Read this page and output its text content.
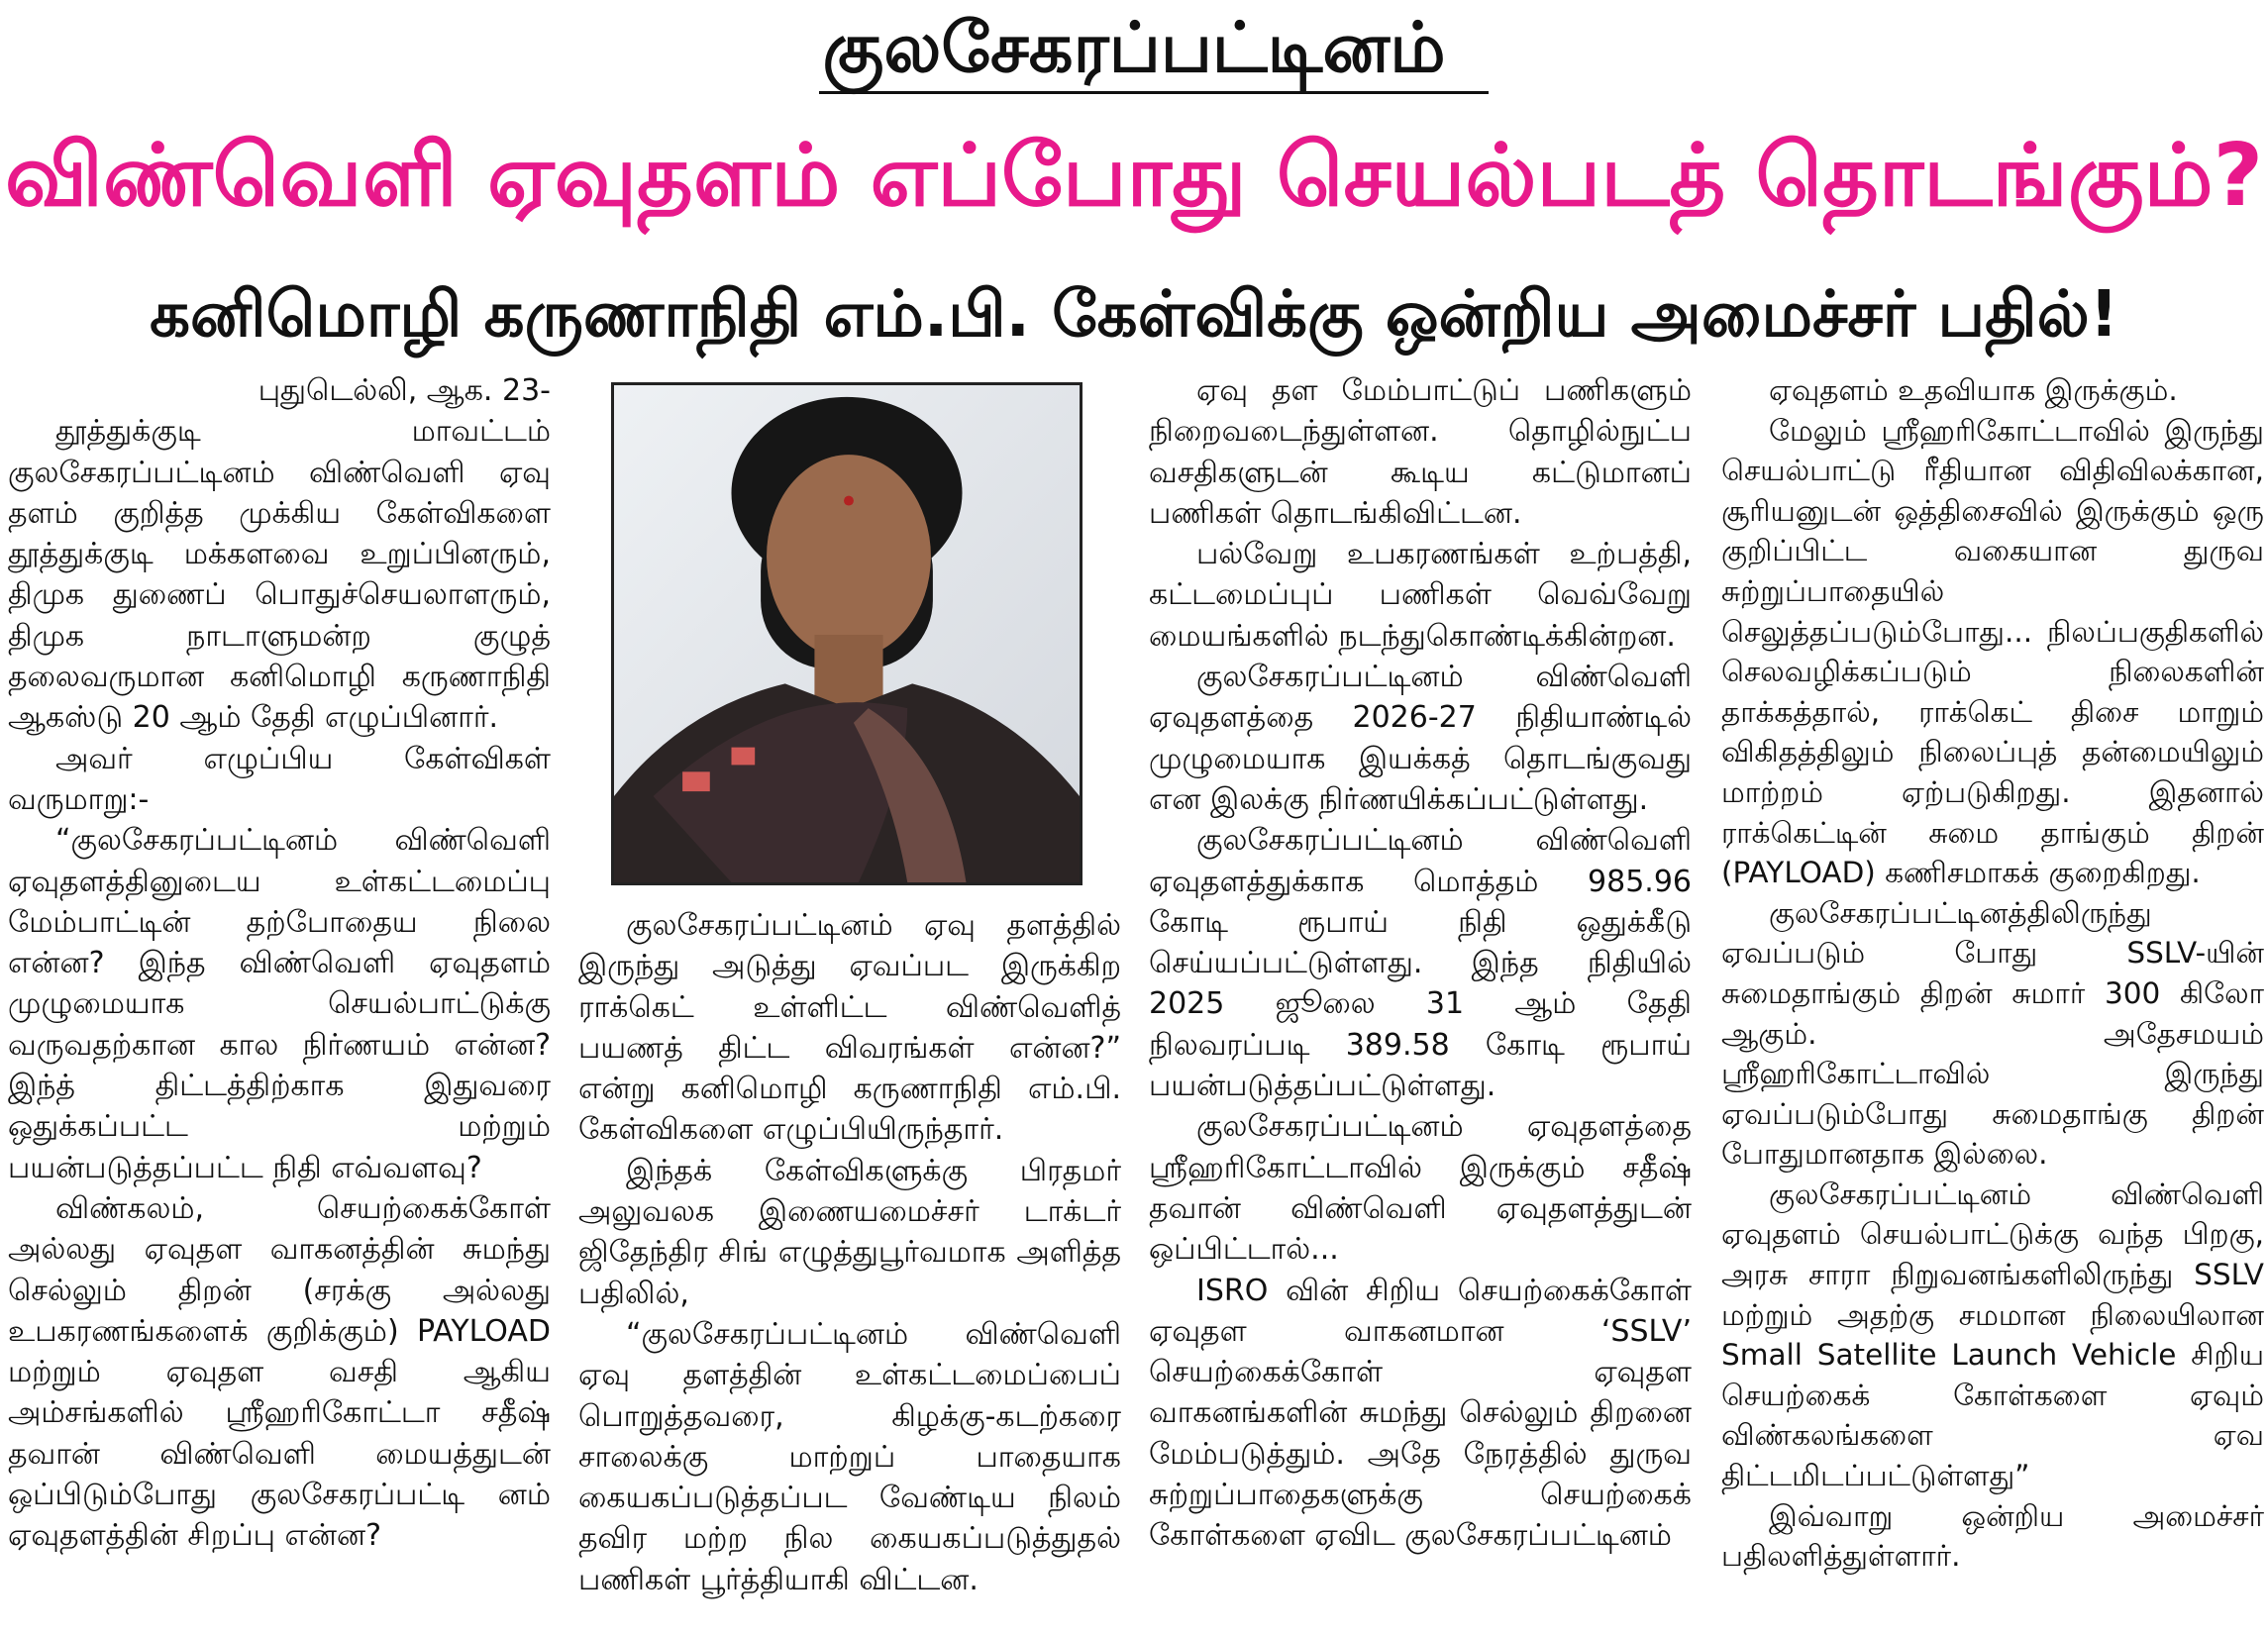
குலசேகரப்பட்டினம்
விண்வெளி ஏவுதளம் எப்போது செயல்படத் தொடங்கும்?
கனிமொழி கருணாநிதி எம்.பி. கேள்விக்கு ஒன்றிய அமைச்சர் பதில்!

புதுடெல்லி, ஆக. 23-

தூத்துக்குடி மாவட்டம் குலசேகரப்பட்டினம் விண்வெளி ஏவு தளம் குறித்த முக்கிய கேள்விகளை தூத்துக்குடி மக்களவை உறுப்பினரும், திமுக துணைப் பொதுச்செயலாளரும், திமுக நாடாளுமன்ற குழுத் தலைவருமான கனிமொழி கருணாநிதி ஆகஸ்டு 20 ஆம் தேதி எழுப்பினார்.

அவர் எழுப்பிய கேள்விகள் வருமாறு:-

“குலசேகரப்பட்டினம் விண்வெளி ஏவுதளத்தினுடைய உள்கட்டமைப்பு மேம்பாட்டின் தற்போதைய நிலை என்ன? இந்த விண்வெளி ஏவுதளம் முழுமையாக செயல்பாட்டுக்கு வருவதற்கான கால நிர்ணயம் என்ன? இந்த் திட்டத்திற்காக இதுவரை ஒதுக்கப்பட்ட மற்றும் பயன்படுத்தப்பட்ட நிதி எவ்வளவு?

விண்கலம், செயற்கைக்கோள் அல்லது ஏவுதள வாகனத்தின் சுமந்து செல்லும் திறன் (சரக்கு அல்லது உபகரணங்களைக் குறிக்கும்) PAYLOAD மற்றும் ஏவுதள வசதி ஆகிய அம்சங்களில் ஸ்ரீஹரிகோட்டா சதீஷ் தவான் விண்வெளி மையத்துடன் ஒப்பிடும்போது குலசேகரப்பட்டி னம் ஏவுதளத்தின் சிறப்பு என்ன?

குலசேகரப்பட்டினம் ஏவு தளத்தில் இருந்து அடுத்து ஏவப்பட இருக்கிற ராக்கெட் உள்ளிட்ட விண்வெளித் பயணத் திட்ட விவரங்கள் என்ன?” என்று கனிமொழி கருணாநிதி எம்.பி. கேள்விகளை எழுப்பியிருந்தார்.

இந்தக் கேள்விகளுக்கு பிரதமர் அலுவலக இணையமைச்சர் டாக்டர் ஜிதேந்திர சிங் எழுத்துபூர்வமாக அளித்த பதிலில்,

“குலசேகரப்பட்டினம் விண்வெளி ஏவு தளத்தின் உள்கட்டமைப்பைப் பொறுத்தவரை, கிழக்கு-கடற்கரை சாலைக்கு மாற்றுப் பாதையாக கையகப்படுத்தப்பட வேண்டிய நிலம் தவிர மற்ற நில கையகப்படுத்துதல் பணிகள் பூர்த்தியாகி விட்டன.

ஏவு தள மேம்பாட்டுப் பணிகளும் நிறைவடைந்துள்ளன. தொழில்நுட்ப வசதிகளுடன் கூடிய கட்டுமானப் பணிகள் தொடங்கிவிட்டன.

பல்வேறு உபகரணங்கள் உற்பத்தி, கட்டமைப்புப் பணிகள் வெவ்வேறு மையங்களில் நடந்துகொண்டிக்கின்றன.

குலசேகரப்பட்டினம் விண்வெளி ஏவுதளத்தை 2026-27 நிதியாண்டில் முழுமையாக இயக்கத் தொடங்குவது என இலக்கு நிர்ணயிக்கப்பட்டுள்ளது.

குலசேகரப்பட்டினம் விண்வெளி ஏவுதளத்துக்காக மொத்தம் 985.96 கோடி ரூபாய் நிதி ஒதுக்கீடு செய்யப்பட்டுள்ளது. இந்த நிதியில் 2025 ஜூலை 31 ஆம் தேதி நிலவரப்படி 389.58 கோடி ரூபாய் பயன்படுத்தப்பட்டுள்ளது.

குலசேகரப்பட்டினம் ஏவுதளத்தை ஸ்ரீஹரிகோட்டாவில் இருக்கும் சதீஷ் தவான் விண்வெளி ஏவுதளத்துடன் ஒப்பிட்டால்...

ISRO வின் சிறிய செயற்கைக்கோள் ஏவுதள வாகனமான ‘SSLV’ செயற்கைக்கோள் ஏவுதள வாகனங்களின் சுமந்து செல்லும் திறனை மேம்படுத்தும். அதே நேரத்தில் துருவ சுற்றுப்பாதைகளுக்கு செயற்கைக் கோள்களை ஏவிட குலசேகரப்பட்டினம்

ஏவுதளம் உதவியாக இருக்கும்.

மேலும் ஸ்ரீஹரிகோட்டாவில் இருந்து செயல்பாட்டு ரீதியான விதிவிலக்கான, சூரியனுடன் ஒத்திசைவில் இருக்கும் ஒரு குறிப்பிட்ட வகையான துருவ சுற்றுப்பாதையில் செலுத்தப்படும்போது... நிலப்பகுதிகளில் செலவழிக்கப்படும் நிலைகளின் தாக்கத்தால், ராக்கெட் திசை மாறும் விகிதத்திலும் நிலைப்புத் தன்மையிலும் மாற்றம் ஏற்படுகிறது. இதனால் ராக்கெட்டின் சுமை தாங்கும் திறன் (PAYLOAD) கணிசமாகக் குறைகிறது.

குலசேகரப்பட்டினத்திலிருந்து ஏவப்படும் போது SSLV-யின் சுமைதாங்கும் திறன் சுமார் 300 கிலோ ஆகும். அதேசமயம் ஸ்ரீஹரிகோட்டாவில் இருந்து ஏவப்படும்போது சுமைதாங்கு திறன் போதுமானதாக இல்லை.

குலசேகரப்பட்டினம் விண்வெளி ஏவுதளம் செயல்பாட்டுக்கு வந்த பிறகு, அரசு சாரா நிறுவனங்களிலிருந்து SSLV மற்றும் அதற்கு சமமான நிலையிலான Small Satellite Launch Vehicle சிறிய செயற்கைக் கோள்களை ஏவும் விண்கலங்களை ஏவ திட்டமிடப்பட்டுள்ளது”

இவ்வாறு ஒன்றிய அமைச்சர் பதிலளித்துள்ளார்.
